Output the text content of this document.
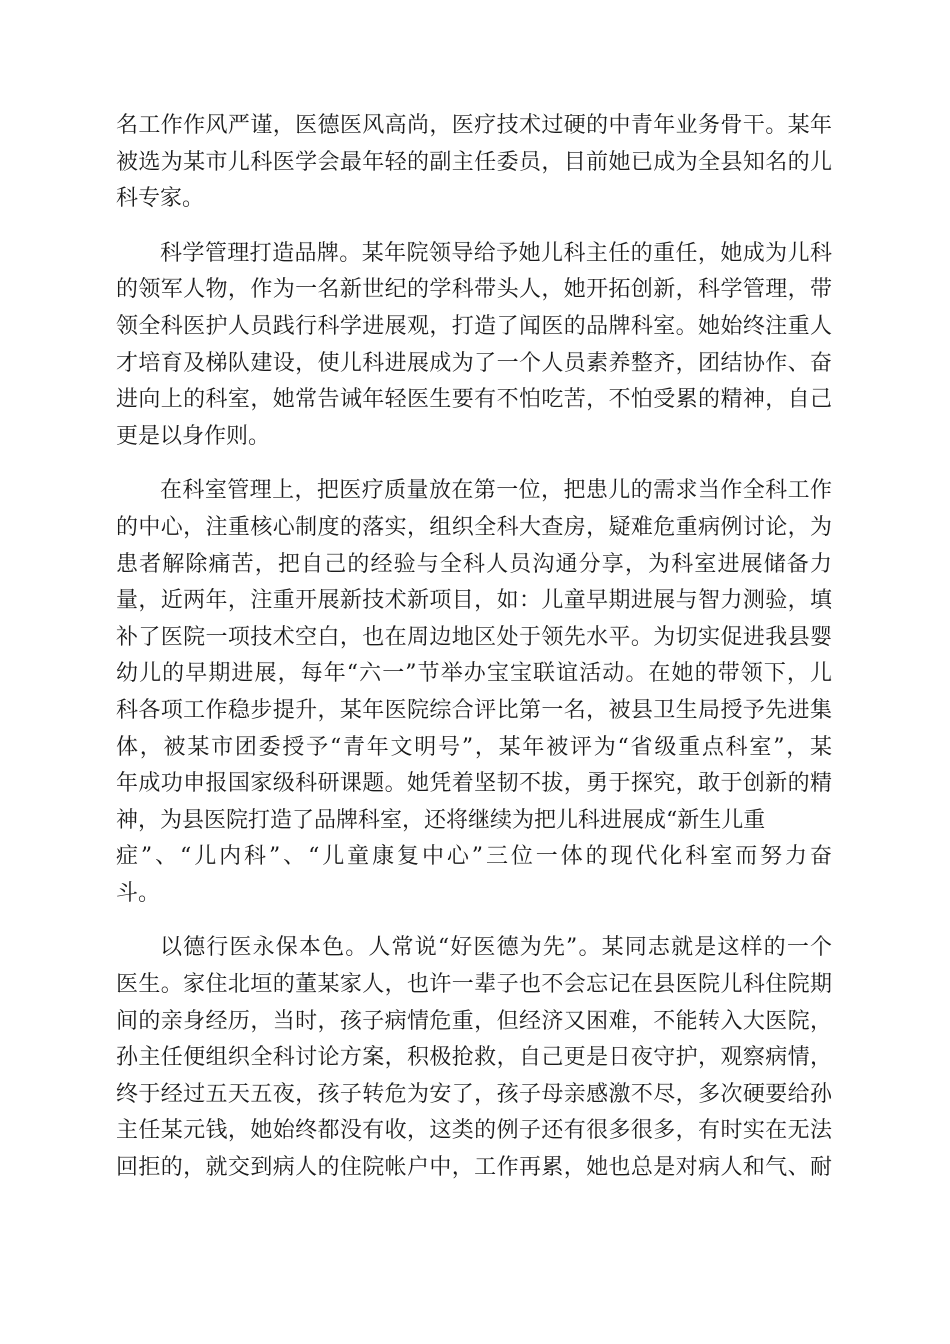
名工作作风严谨，医德医风高尚，医疗技术过硬的中青年业务骨干。某年
被选为某市儿科医学会最年轻的副主任委员，目前她已成为全县知名的儿
科专家。
科学管理打造品牌。某年院领导给予她儿科主任的重任，她成为儿科
的领军人物，作为一名新世纪的学科带头人，她开拓创新，科学管理，带
领全科医护人员践行科学进展观，打造了闻医的品牌科室。她始终注重人
才培育及梯队建设，使儿科进展成为了一个人员素养整齐，团结协作、奋
进向上的科室，她常告诫年轻医生要有不怕吃苦，不怕受累的精神，自己
更是以身作则。
在科室管理上，把医疗质量放在第一位，把患儿的需求当作全科工作
的中心，注重核心制度的落实，组织全科大查房，疑难危重病例讨论，为
患者解除痛苦，把自己的经验与全科人员沟通分享，为科室进展储备力
量，近两年，注重开展新技术新项目，如：儿童早期进展与智力测验，填
补了医院一项技术空白，也在周边地区处于领先水平。为切实促进我县婴
幼儿的早期进展，每年“六一”节举办宝宝联谊活动。在她的带领下，儿
科各项工作稳步提升，某年医院综合评比第一名，被县卫生局授予先进集
体，被某市团委授予“青年文明号”，某年被评为“省级重点科室”，某
年成功申报国家级科研课题。她凭着坚韧不拔，勇于探究，敢于创新的精
神，为县医院打造了品牌科室，还将继续为把儿科进展成“新生儿重
症”、“儿内科”、“儿童康复中心”三位一体的现代化科室而努力奋
斗。
以德行医永保本色。人常说“好医德为先”。某同志就是这样的一个
医生。家住北垣的董某家人，也许一辈子也不会忘记在县医院儿科住院期
间的亲身经历，当时，孩子病情危重，但经济又困难，不能转入大医院，
孙主任便组织全科讨论方案，积极抢救，自己更是日夜守护，观察病情，
终于经过五天五夜，孩子转危为安了，孩子母亲感激不尽，多次硬要给孙
主任某元钱，她始终都没有收，这类的例子还有很多很多，有时实在无法
回拒的，就交到病人的住院帐户中，工作再累，她也总是对病人和气、耐
